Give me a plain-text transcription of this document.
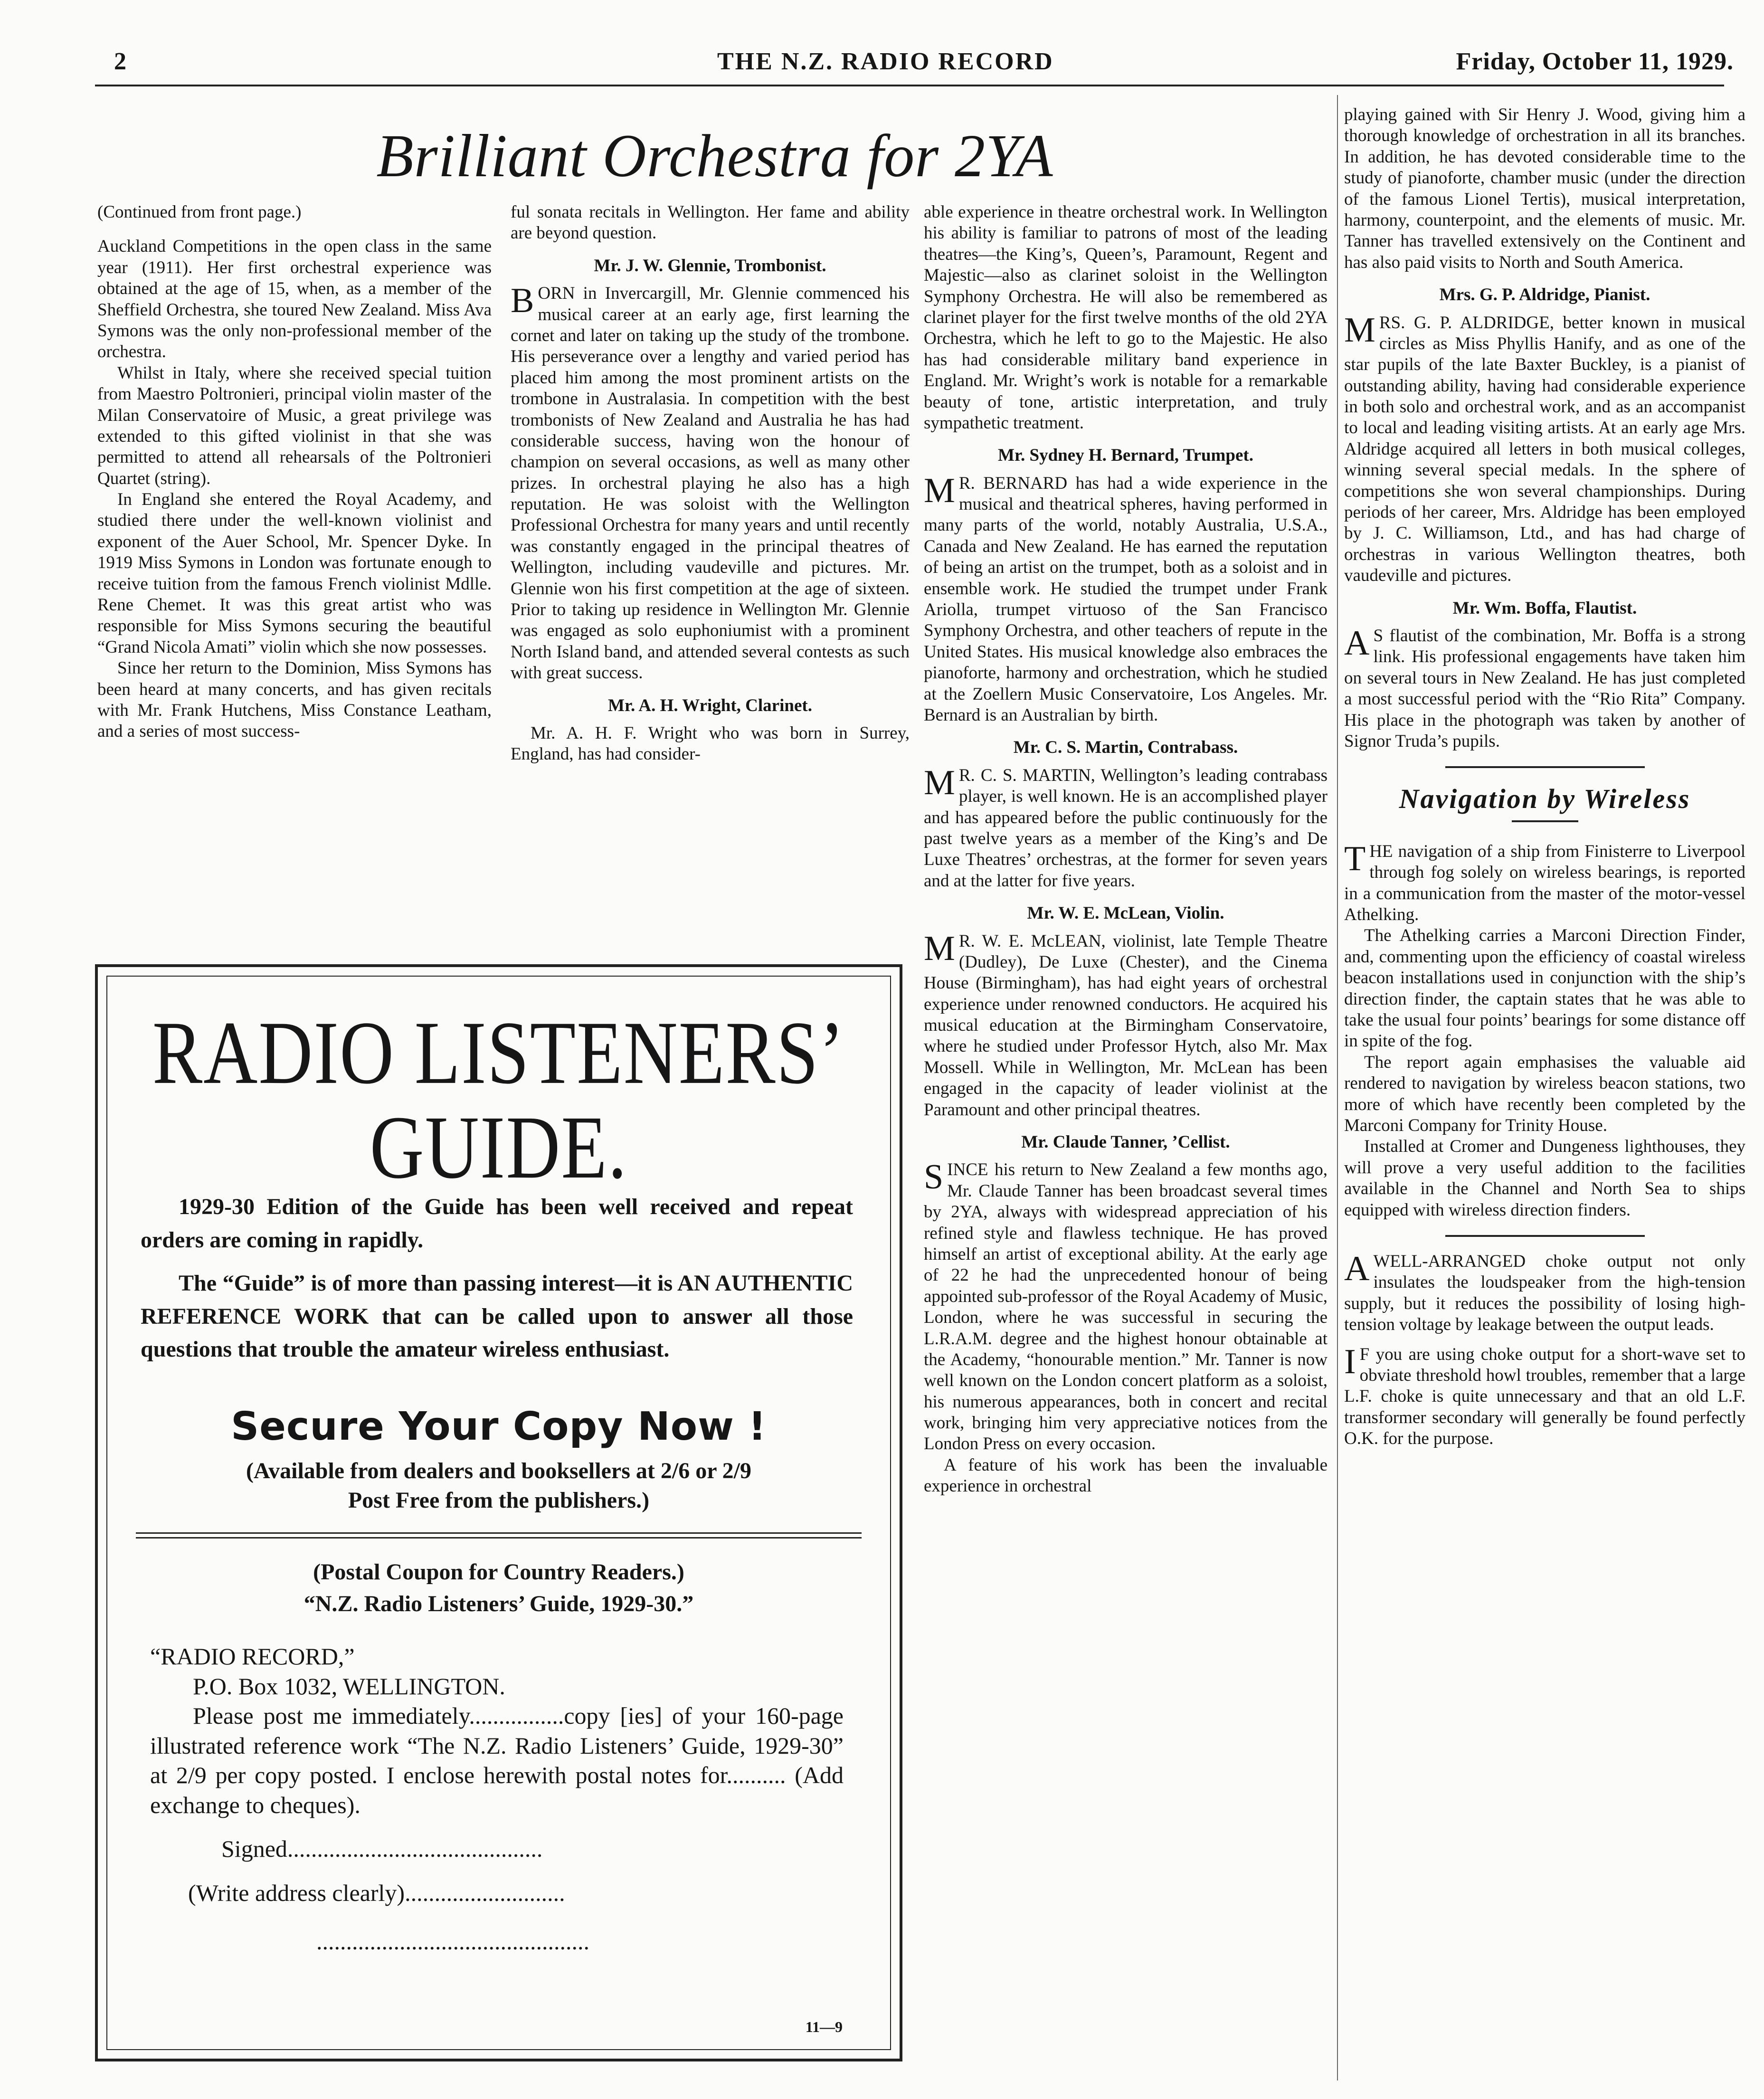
2	THE N.Z. RADIO RECORD	Friday, October 11, 1929.
Brilliant Orchestra for 2YA

(Continued from front page.)

Auckland Competitions in the open class in the same year (1911). Her first orchestral experience was obtained at the age of 15, when, as a member of the Sheffield Orchestra, she toured New Zealand. Miss Ava Symons was the only non-professional member of the orchestra.

Whilst in Italy, where she received special tuition from Maestro Poltronieri, principal violin master of the Milan Conservatoire of Music, a great privilege was extended to this gifted violinist in that she was permitted to attend all rehearsals of the Poltronieri Quartet (string).

In England she entered the Royal Academy, and studied there under the well-known violinist and exponent of the Auer School, Mr. Spencer Dyke. In 1919 Miss Symons in London was fortunate enough to receive tuition from the famous French violinist Mdlle. Rene Chemet. It was this great artist who was responsible for Miss Symons securing the beautiful “Grand Nicola Amati” violin which she now possesses.

Since her return to the Dominion, Miss Symons has been heard at many concerts, and has given recitals with Mr. Frank Hutchens, Miss Constance Leatham, and a series of most success-

ful sonata recitals in Wellington. Her fame and ability are beyond question.

Mr. J. W. Glennie, Trombonist.

BORN in Invercargill, Mr. Glennie commenced his musical career at an early age, first learning the cornet and later on taking up the study of the trombone. His perseverance over a lengthy and varied period has placed him among the most prominent artists on the trombone in Australasia. In competition with the best trombonists of New Zealand and Australia he has had considerable success, having won the honour of champion on several occasions, as well as many other prizes. In orchestral playing he also has a high reputation. He was soloist with the Wellington Professional Orchestra for many years and until recently was constantly engaged in the principal theatres of Wellington, including vaudeville and pictures. Mr. Glennie won his first competition at the age of sixteen. Prior to taking up residence in Wellington Mr. Glennie was engaged as solo euphoniumist with a prominent North Island band, and attended several contests as such with great success.

Mr. A. H. Wright, Clarinet.

Mr. A. H. F. Wright who was born in Surrey, England, has had consider-

able experience in theatre orchestral work. In Wellington his ability is familiar to patrons of most of the leading theatres—the King’s, Queen’s, Paramount, Regent and Majestic—also as clarinet soloist in the Wellington Symphony Orchestra. He will also be remembered as clarinet player for the first twelve months of the old 2YA Orchestra, which he left to go to the Majestic. He also has had considerable military band experience in England. Mr. Wright’s work is notable for a remarkable beauty of tone, artistic interpretation, and truly sympathetic treatment.

Mr. Sydney H. Bernard, Trumpet.

MR. BERNARD has had a wide experience in the musical and theatrical spheres, having performed in many parts of the world, notably Australia, U.S.A., Canada and New Zealand. He has earned the reputation of being an artist on the trumpet, both as a soloist and in ensemble work. He studied the trumpet under Frank Ariolla, trumpet virtuoso of the San Francisco Symphony Orchestra, and other teachers of repute in the United States. His musical knowledge also embraces the pianoforte, harmony and orchestration, which he studied at the Zoellern Music Conservatoire, Los Angeles. Mr. Bernard is an Australian by birth.

Mr. C. S. Martin, Contrabass.

MR. C. S. MARTIN, Wellington’s leading contrabass player, is well known. He is an accomplished player and has appeared before the public continuously for the past twelve years as a member of the King’s and De Luxe Theatres’ orchestras, at the former for seven years and at the latter for five years.

Mr. W. E. McLean, Violin.

MR. W. E. McLEAN, violinist, late Temple Theatre (Dudley), De Luxe (Chester), and the Cinema House (Birmingham), has had eight years of orchestral experience under renowned conductors. He acquired his musical education at the Birmingham Conservatoire, where he studied under Professor Hytch, also Mr. Max Mossell. While in Wellington, Mr. McLean has been engaged in the capacity of leader violinist at the Paramount and other principal theatres.

Mr. Claude Tanner, ’Cellist.

SINCE his return to New Zealand a few months ago, Mr. Claude Tanner has been broadcast several times by 2YA, always with widespread appreciation of his refined style and flawless technique. He has proved himself an artist of exceptional ability. At the early age of 22 he had the unprecedented honour of being appointed sub-professor of the Royal Academy of Music, London, where he was successful in securing the L.R.A.M. degree and the highest honour obtainable at the Academy, “honourable mention.” Mr. Tanner is now well known on the London concert platform as a soloist, his numerous appearances, both in concert and recital work, bringing him very appreciative notices from the London Press on every occasion.

A feature of his work has been the invaluable experience in orchestral

playing gained with Sir Henry J. Wood, giving him a thorough knowledge of orchestration in all its branches. In addition, he has devoted considerable time to the study of pianoforte, chamber music (under the direction of the famous Lionel Tertis), musical interpretation, harmony, counterpoint, and the elements of music. Mr. Tanner has travelled extensively on the Continent and has also paid visits to North and South America.

Mrs. G. P. Aldridge, Pianist.

MRS. G. P. ALDRIDGE, better known in musical circles as Miss Phyllis Hanify, and as one of the star pupils of the late Baxter Buckley, is a pianist of outstanding ability, having had considerable experience in both solo and orchestral work, and as an accompanist to local and leading visiting artists. At an early age Mrs. Aldridge acquired all letters in both musical colleges, winning several special medals. In the sphere of competitions she won several championships. During periods of her career, Mrs. Aldridge has been employed by J. C. Williamson, Ltd., and has had charge of orchestras in various Wellington theatres, both vaudeville and pictures.

Mr. Wm. Boffa, Flautist.

AS flautist of the combination, Mr. Boffa is a strong link. His professional engagements have taken him on several tours in New Zealand. He has just completed a most successful period with the “Rio Rita” Company. His place in the photograph was taken by another of Signor Truda’s pupils.

Navigation by Wireless

THE navigation of a ship from Finisterre to Liverpool through fog solely on wireless bearings, is reported in a communication from the master of the motor-vessel Athelking.

The Athelking carries a Marconi Direction Finder, and, commenting upon the efficiency of coastal wireless beacon installations used in conjunction with the ship’s direction finder, the captain states that he was able to take the usual four points’ bearings for some distance off in spite of the fog.

The report again emphasises the valuable aid rendered to navigation by wireless beacon stations, two more of which have recently been completed by the Marconi Company for Trinity House.

Installed at Cromer and Dungeness lighthouses, they will prove a very useful addition to the facilities available in the Channel and North Sea to ships equipped with wireless direction finders.

AWELL-ARRANGED choke output not only insulates the loudspeaker from the high-tension supply, but it reduces the possibility of losing high-tension voltage by leakage between the output leads.

IF you are using choke output for a short-wave set to obviate threshold howl troubles, remember that a large L.F. choke is quite unnecessary and that an old L.F. transformer secondary will generally be found perfectly O.K. for the purpose.

RADIO LISTENERS’
GUIDE.

1929-30 Edition of the Guide has been well received and repeat orders are coming in rapidly.

The “Guide” is of more than passing interest—it is AN AUTHENTIC REFERENCE WORK that can be called upon to answer all those questions that trouble the amateur wireless enthusiast.

Secure Your Copy Now !
(Available from dealers and booksellers at 2/6 or 2/9
Post Free from the publishers.)
(Postal Coupon for Country Readers.)
“N.Z. Radio Listeners’ Guide, 1929-30.”
“RADIO RECORD,”
P.O. Box 1032, WELLINGTON.
Please post me immediately................copy [ies] of your 160-page illustrated reference work “The N.Z. Radio Listeners’ Guide, 1929-30” at 2/9 per copy posted. I enclose herewith postal notes for.......... (Add exchange to cheques).
Signed...........................................
(Write address clearly)...........................
..............................................
11—9
